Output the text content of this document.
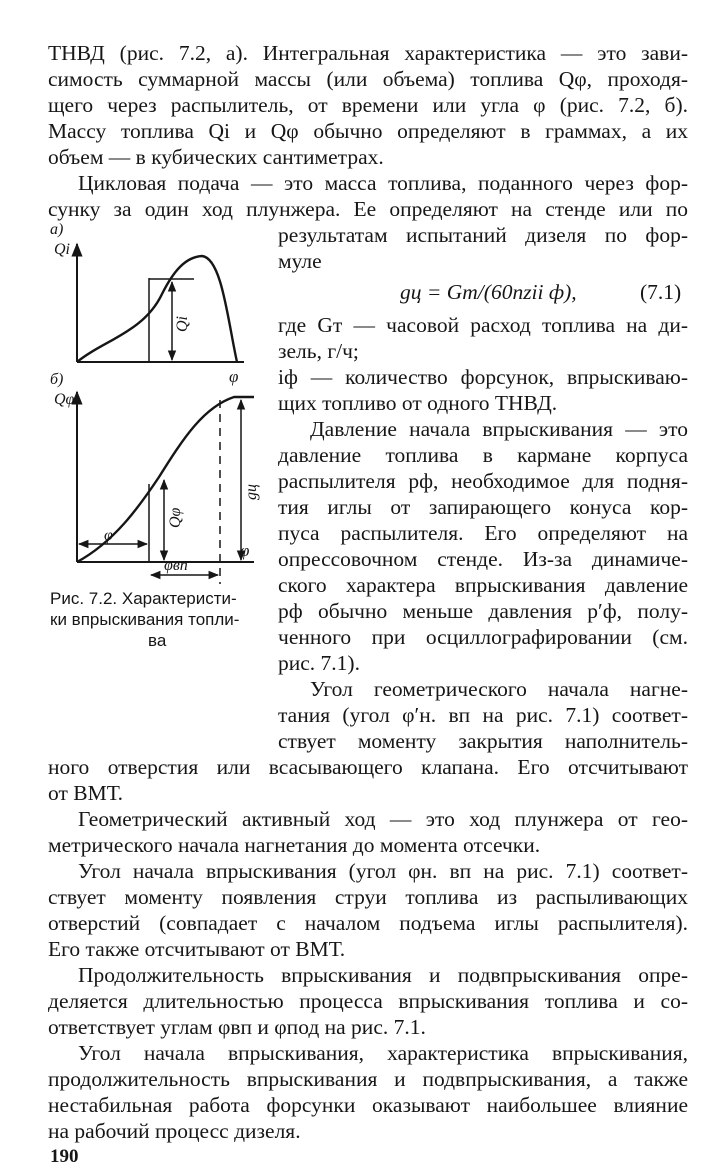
ТНВД (рис. 7.2, а). Интегральная характеристика — это зави-
симость суммарной массы (или объема) топлива Qφ, проходя-
щего через распылитель, от времени или угла φ (рис. 7.2, б).
Массу топлива Qi и Qφ обычно определяют в граммах, а их
объем — в кубических сантиметрах.
Цикловая подача — это масса топлива, поданного через фор-
сунку за один ход плунжера. Ее определяют на стенде или по
результатам испытаний дизеля по фор-
муле
где Gт — часовой расход топлива на ди-
зель, г/ч;
iф — количество форсунок, впрыскиваю-
щих топливо от одного ТНВД.
Давление начала впрыскивания — это
давление топлива в кармане корпуса
распылителя pф, необходимое для подня-
тия иглы от запирающего конуса кор-
пуса распылителя. Его определяют на
опрессовочном стенде. Из-за динамиче-
ского характера впрыскивания давление
pф обычно меньше давления p′ф, полу-
ченного при осциллографировании (см.
рис. 7.1).
Угол геометрического начала нагне-
тания (угол φ′н. вп на рис. 7.1) соответ-
ствует моменту закрытия наполнитель-
gц = Gт/(60nzii ф),	(7.1)
а)
Qi
Qi
φ
б)
Qφ
Qφ
gц
φ
φвп
φ
Рис. 7.2. Характеристи-
ки впрыскивания топли-
ва
ного отверстия или всасывающего клапана. Его отсчитывают
от ВМТ.
Геометрический активный ход — это ход плунжера от гео-
метрического начала нагнетания до момента отсечки.
Угол начала впрыскивания (угол φн. вп на рис. 7.1) соответ-
ствует моменту появления струи топлива из распыливающих
отверстий (совпадает с началом подъема иглы распылителя).
Его также отсчитывают от ВМТ.
Продолжительность впрыскивания и подвпрыскивания опре-
деляется длительностью процесса впрыскивания топлива и со-
ответствует углам φвп и φпод на рис. 7.1.
Угол начала впрыскивания, характеристика впрыскивания,
продолжительность впрыскивания и подвпрыскивания, а также
нестабильная работа форсунки оказывают наибольшее влияние
на рабочий процесс дизеля.
190
